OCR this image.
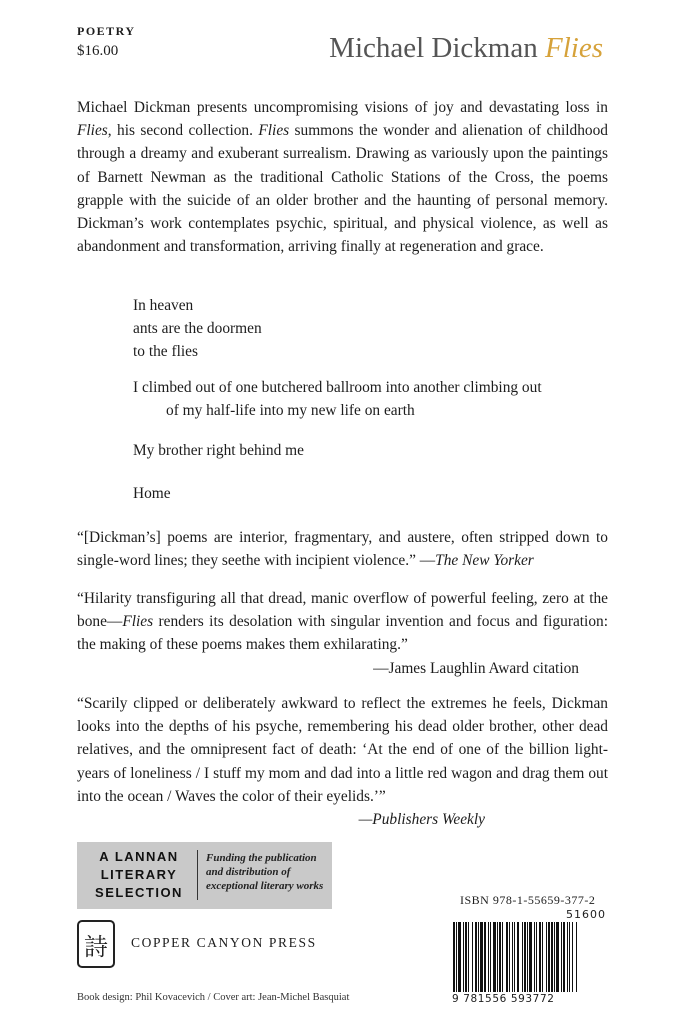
POETRY
$16.00	Michael Dickman Flies
Michael Dickman presents uncompromising visions of joy and devastating loss in Flies, his second collection. Flies summons the wonder and alienation of childhood through a dreamy and exuberant surrealism. Drawing as variously upon the paintings of Barnett Newman as the traditional Catholic Stations of the Cross, the poems grapple with the suicide of an older brother and the haunting of personal memory. Dickman’s work contemplates psychic, spiritual, and physical violence, as well as abandonment and transformation, arriving finally at regeneration and grace.
In heaven
ants are the doormen
to the flies
I climbed out of one butchered ballroom into another climbing out
of my half-life into my new life on earth
My brother right behind me
Home
“[Dickman’s] poems are interior, fragmentary, and austere, often stripped down to single-word lines; they seethe with incipient violence.” —The New Yorker
“Hilarity transfiguring all that dread, manic overflow of powerful feeling, zero at the bone—Flies renders its desolation with singular invention and focus and figuration: the making of these poems makes them exhilarating.”
—James Laughlin Award citation
“Scarily clipped or deliberately awkward to reflect the extremes he feels, Dickman looks into the depths of his psyche, remembering his dead older brother, other dead relatives, and the omnipresent fact of death: ‘At the end of one of the billion light-years of loneliness / I stuff my mom and dad into a little red wagon and drag them out into the ocean / Waves the color of their eyelids.’”
—Publishers Weekly
A LANNAN
LITERARY
SELECTION
Funding the publication and distribution of exceptional literary works
詩	COPPER CANYON PRESS
Book design: Phil Kovacevich / Cover art: Jean-Michel Basquiat
ISBN 978-1-55659-377-2
51600
9 781556 593772
